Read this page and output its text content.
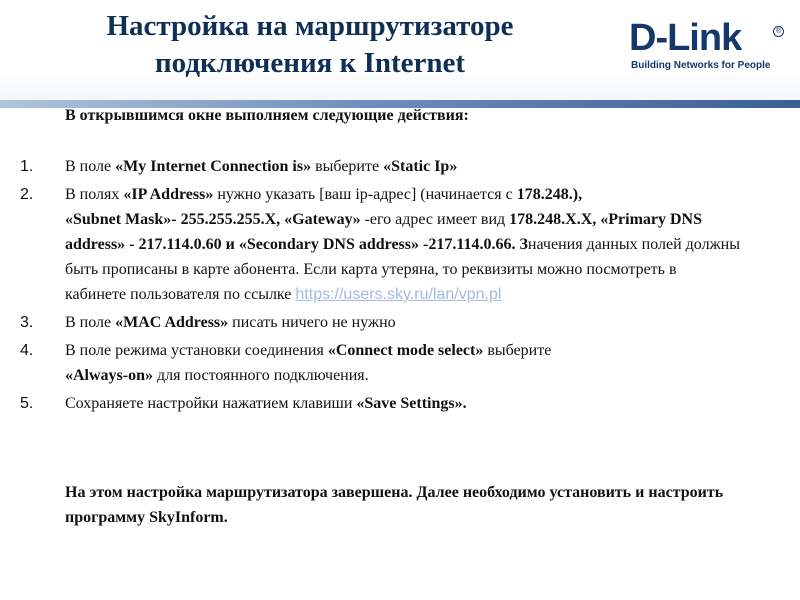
Настройка на маршрутизаторе
подключения к Internet
D-Link	®
Building Networks for People
В открывшимся окне выполняем следующие действия:
1. В поле «My Internet Connection is» выберите «Static Ip»
2. В полях «IP Address» нужно указать [ваш ip-адрес] (начинается с 178.248.),
«Subnet Mask»- 255.255.255.X, «Gateway» -его адрес имеет вид 178.248.X.X, «Primary DNS address» - 217.114.0.60 и «Secondary DNS address» -217.114.0.66. Значения данных полей должны быть прописаны в карте абонента. Если карта утеряна, то реквизиты можно посмотреть в кабинете пользователя по ссылке https://users.sky.ru/lan/vpn.pl
3. В поле «MAC Address» писать ничего не нужно
4. В поле режима установки соединения «Connect mode select» выберите
«Always-on» для постоянного подключения.
5. Сохраняете настройки нажатием клавиши «Save Settings».
На этом настройка маршрутизатора завершена. Далее необходимо установить и настроить программу SkyInform.
